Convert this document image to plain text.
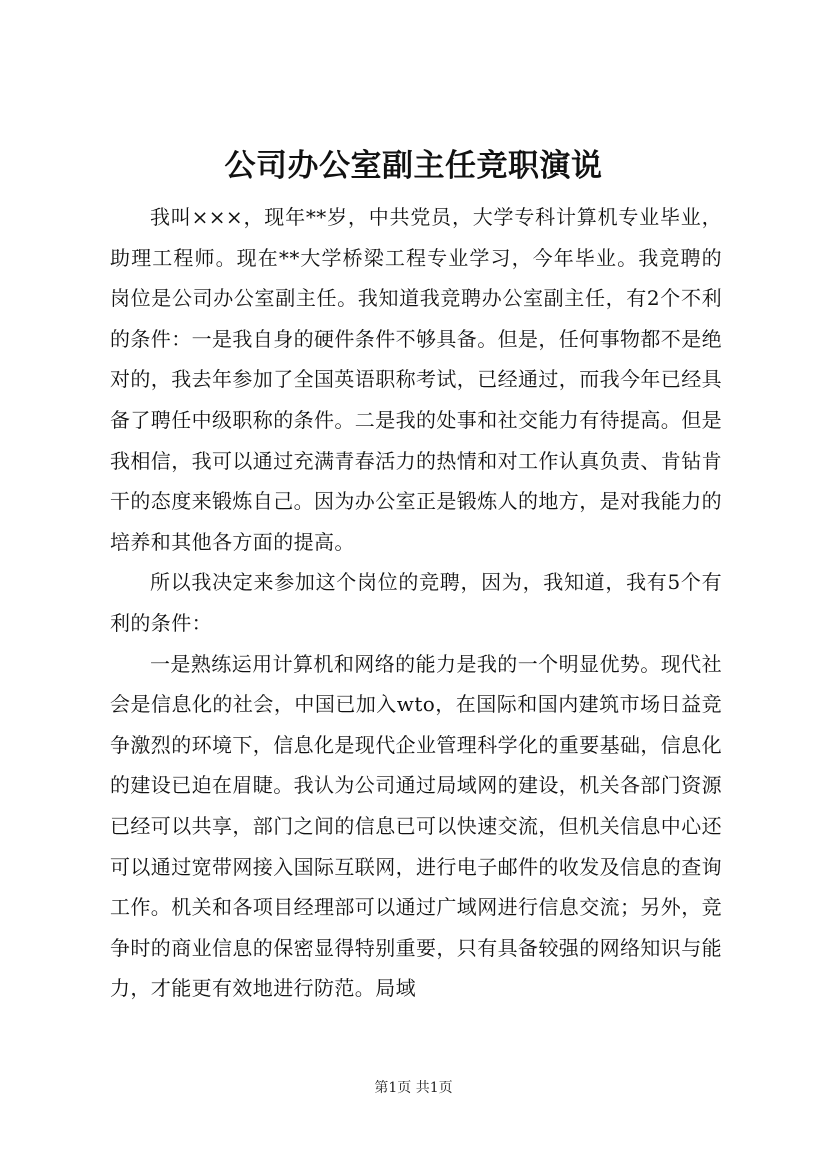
公司办公室副主任竞职演说

我叫×××，现年**岁，中共党员，大学专科计算机专业毕业，助理工程师。现在**大学桥梁工程专业学习，今年毕业。我竞聘的岗位是公司办公室副主任。我知道我竞聘办公室副主任，有2个不利的条件：一是我自身的硬件条件不够具备。但是，任何事物都不是绝对的，我去年参加了全国英语职称考试，已经通过，而我今年已经具备了聘任中级职称的条件。二是我的处事和社交能力有待提高。但是我相信，我可以通过充满青春活力的热情和对工作认真负责、肯钻肯干的态度来锻炼自己。因为办公室正是锻炼人的地方，是对我能力的培养和其他各方面的提高。

所以我决定来参加这个岗位的竞聘，因为，我知道，我有5个有利的条件：

一是熟练运用计算机和网络的能力是我的一个明显优势。现代社会是信息化的社会，中国已加入wto，在国际和国内建筑市场日益竞争激烈的环境下，信息化是现代企业管理科学化的重要基础，信息化的建设已迫在眉睫。我认为公司通过局域网的建设，机关各部门资源已经可以共享，部门之间的信息已可以快速交流，但机关信息中心还可以通过宽带网接入国际互联网，进行电子邮件的收发及信息的查询工作。机关和各项目经理部可以通过广域网进行信息交流；另外，竞争时的商业信息的保密显得特别重要，只有具备较强的网络知识与能力，才能更有效地进行防范。局域

第1页 共1页
